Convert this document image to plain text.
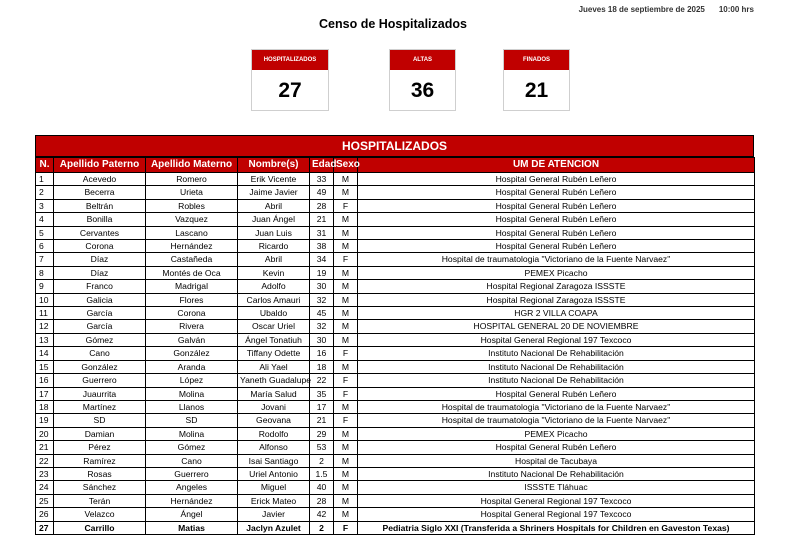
Jueves 18 de septiembre de 2025 10:00 hrs
Censo de Hospitalizados
HOSPITALIZADOS
27
ALTAS
36
FINADOS
21
HOSPITALIZADOS
N.	Apellido Paterno	Apellido Materno	Nombre(s)	Edad	Sexo	UM DE ATENCION
1	Acevedo	Romero	Erik Vicente	33	M	Hospital General Rubén Leñero
2	Becerra	Urieta	Jaime Javier	49	M	Hospital General Rubén Leñero
3	Beltrán	Robles	Abril	28	F	Hospital General Rubén Leñero
4	Bonilla	Vazquez	Juan Ángel	21	M	Hospital General Rubén Leñero
5	Cervantes	Lascano	Juan Luis	31	M	Hospital General Rubén Leñero
6	Corona	Hernández	Ricardo	38	M	Hospital General Rubén Leñero
7	Díaz	Castañeda	Abril	34	F	Hospital de traumatologia "Victoriano de la Fuente Narvaez"
8	Díaz	Montés de Oca	Kevin	19	M	PEMEX Picacho
9	Franco	Madrigal	Adolfo	30	M	Hospital Regional Zaragoza ISSSTE
10	Galicia	Flores	Carlos Amauri	32	M	Hospital Regional Zaragoza ISSSTE
11	García	Corona	Ubaldo	45	M	HGR 2 VILLA COAPA
12	García	Rivera	Oscar Uriel	32	M	HOSPITAL GENERAL 20 DE NOVIEMBRE
13	Gómez	Galván	Ángel Tonatiuh	30	M	Hospital General Regional 197 Texcoco
14	Cano	González	Tiffany Odette	16	F	Instituto Nacional De Rehabilitación
15	González	Aranda	Ali Yael	18	M	Instituto Nacional De Rehabilitación
16	Guerrero	López	Yaneth Guadalupe	22	F	Instituto Nacional De Rehabilitación
17	Juaurrita	Molina	María Salud	35	F	Hospital General Rubén Leñero
18	Martínez	Llanos	Jovani	17	M	Hospital de traumatologia "Victoriano de la Fuente Narvaez"
19	SD	SD	Geovana	21	F	Hospital de traumatologia "Victoriano de la Fuente Narvaez"
20	Damian	Molina	Rodolfo	29	M	PEMEX Picacho
21	Pérez	Gómez	Alfonso	53	M	Hospital General Rubén Leñero
22	Ramírez	Cano	Isai Santiago	2	M	Hospital de Tacubaya
23	Rosas	Guerrero	Uriel Antonio	1.5	M	Instituto Nacional De Rehabilitación
24	Sánchez	Angeles	Miguel	40	M	ISSSTE Tláhuac
25	Terán	Hernández	Erick Mateo	28	M	Hospital General Regional 197 Texcoco
26	Velazco	Ángel	Javier	42	M	Hospital General Regional 197 Texcoco
27	Carrillo	Matias	Jaclyn Azulet	2	F	Pediatria Siglo XXI (Transferida a Shriners Hospitals for Children en Gaveston Texas)
